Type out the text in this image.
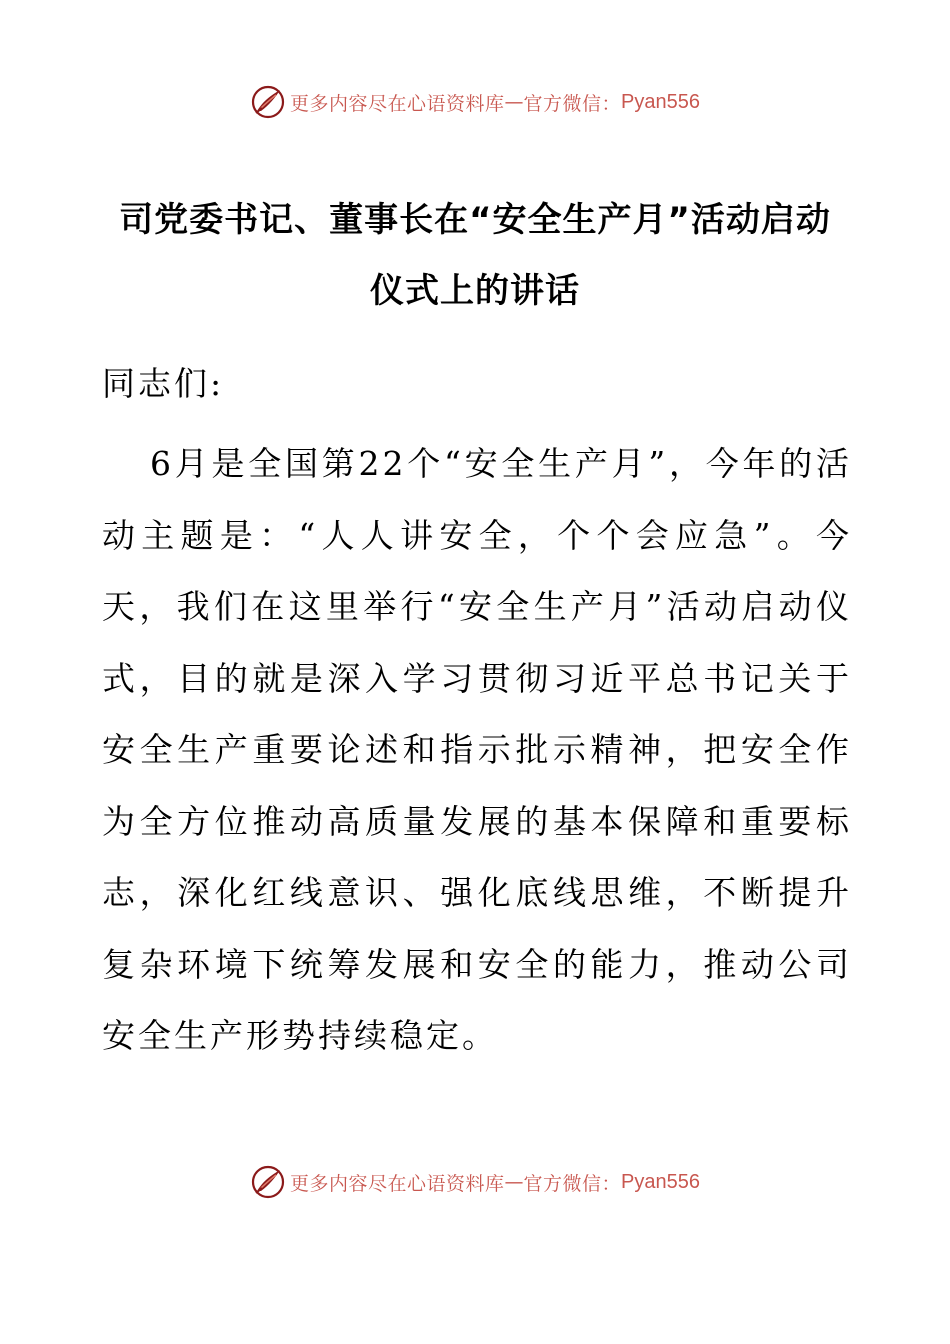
更多内容尽在心语资料库 — 官方微信： Pyan556
司党委书记、董事长在“安全生产月”活动启动
仪式上的讲话
同志们:
6月是全国第22个“安全生产月”，今年的活动主题是：“人人讲安全，个个会应急”。今天，我们在这里举行“安全生产月”活动启动仪式，目的就是深入学习贯彻习近平总书记关于安全生产重要论述和指示批示精神，把安全作为全方位推动高质量发展的基本保障和重要标志，深化红线意识、强化底线思维，不断提升复杂环境下统筹发展和安全的能力，推动公司安全生产形势持续稳定。
更多内容尽在心语资料库 — 官方微信： Pyan556
